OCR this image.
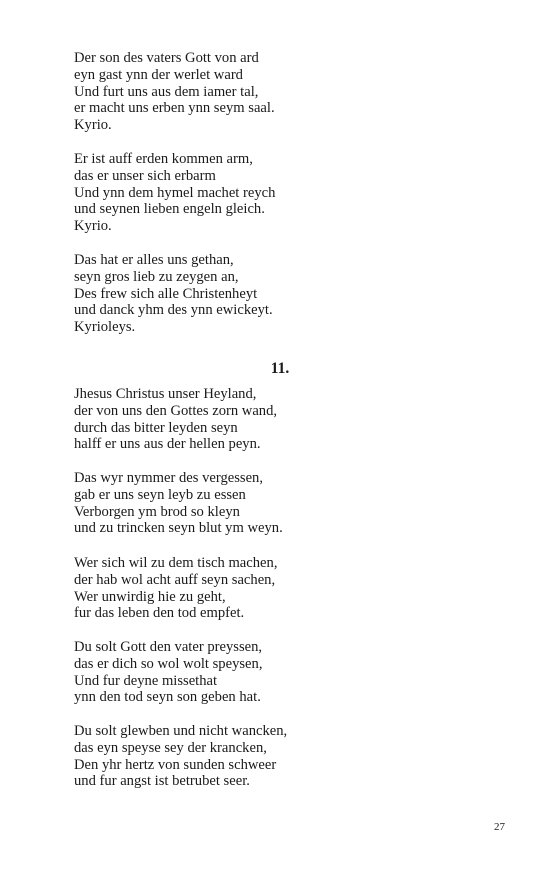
Der son des vaters Gott von ard
eyn gast ynn der werlet ward
Und furt uns aus dem iamer tal,
er macht uns erben ynn seym saal.
Kyrio.
Er ist auff erden kommen arm,
das er unser sich erbarm
Und ynn dem hymel machet reych
und seynen lieben engeln gleich.
Kyrio.
Das hat er alles uns gethan,
seyn gros lieb zu zeygen an,
Des frew sich alle Christenheyt
und danck yhm des ynn ewickeyt.
Kyrioleys.
11.
Jhesus Christus unser Heyland,
der von uns den Gottes zorn wand,
durch das bitter leyden seyn
halff er uns aus der hellen peyn.
Das wyr nymmer des vergessen,
gab er uns seyn leyb zu essen
Verborgen ym brod so kleyn
und zu trincken seyn blut ym weyn.
Wer sich wil zu dem tisch machen,
der hab wol acht auff seyn sachen,
Wer unwirdig hie zu geht,
fur das leben den tod empfet.
Du solt Gott den vater preyssen,
das er dich so wol wolt speysen,
Und fur deyne missethat
ynn den tod seyn son geben hat.
Du solt glewben und nicht wancken,
das eyn speyse sey der krancken,
Den yhr hertz von sunden schweer
und fur angst ist betrubet seer.
27
